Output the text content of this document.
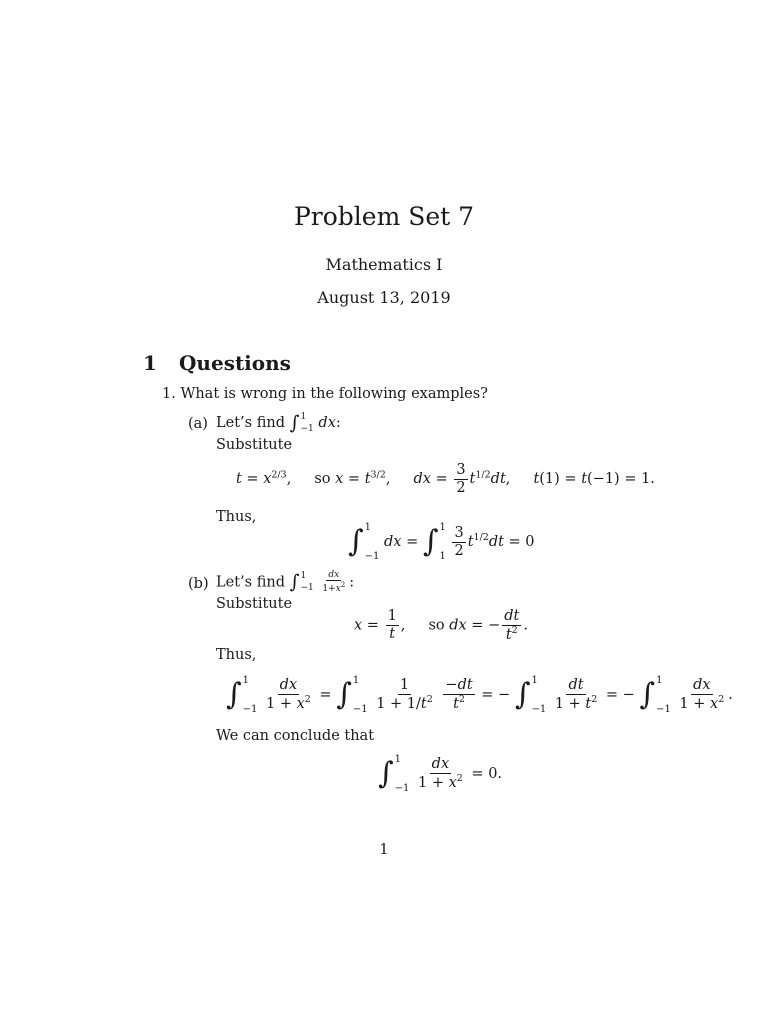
Problem Set 7
Mathematics I
August 13, 2019
1 Questions
1. What is wrong in the following examples?
(a) Let’s find ∫ 1
−1 dx:
Substitute
$t = x^{2/3}$,     so $x = t^{3/2}$,     dx = $\frac{3}{2} t^{1/2}dt$,     t(1) = t(−1) = 1.
Thus,
∫ 1
−1
dx = ∫ 1
1
$\frac{3}{2} t^{1/2}dt = 0$
(b) Let’s find ∫ 1
−1
$\frac{dx}{1+x^2}$ :
Substitute
$x = \frac{1}{t}$ ,     so dx = − $\frac{dt}{t^2}$ .
Thus,
∫ 1
−1
$\frac{dx}{1 + x^2}$ = ∫ 1
−1
$\frac{1}{1 + 1/t^2}$
$\frac{-dt}{t^2}$ = − ∫ 1
−1
$\frac{dt}{1 + t^2}$ = − ∫ 1
−1
$\frac{dx}{1 + x^2}$ .
We can conclude that
∫ 1
−1
$\frac{dx}{1 + x^2} = 0$.
1
